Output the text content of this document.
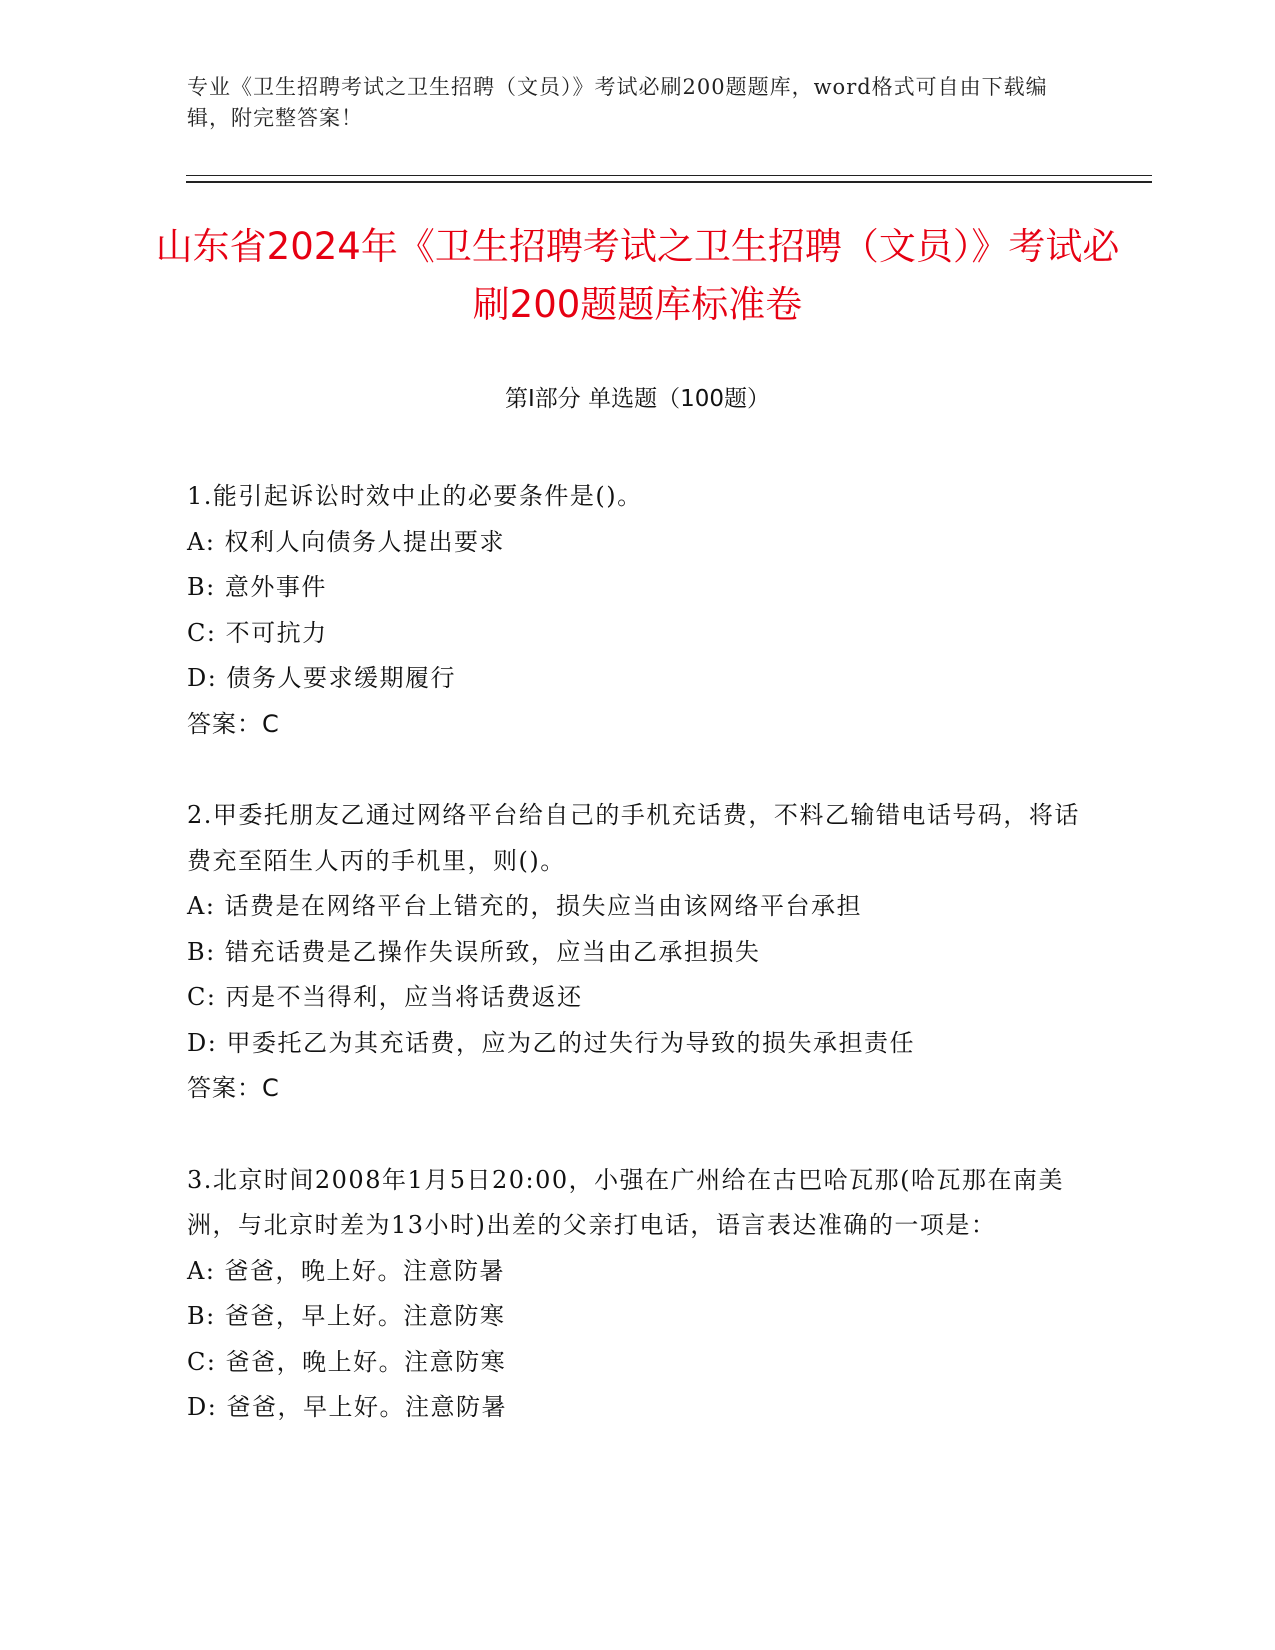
专业《卫生招聘考试之卫生招聘（文员）》考试必刷200题题库，word格式可自由下载编辑，附完整答案！
山东省2024年《卫生招聘考试之卫生招聘（文员）》考试必刷200题题库标准卷
第Ⅰ部分 单选题（100题）

1.能引起诉讼时效中止的必要条件是()。

A: 权利人向债务人提出要求

B: 意外事件

C: 不可抗力

D: 债务人要求缓期履行

答案：C

2.甲委托朋友乙通过网络平台给自己的手机充话费，不料乙输错电话号码，将话费充至陌生人丙的手机里，则()。

A: 话费是在网络平台上错充的，损失应当由该网络平台承担

B: 错充话费是乙操作失误所致，应当由乙承担损失

C: 丙是不当得利，应当将话费返还

D: 甲委托乙为其充话费，应为乙的过失行为导致的损失承担责任

答案：C

3.北京时间2008年1月5日20:00，小强在广州给在古巴哈瓦那(哈瓦那在南美洲，与北京时差为13小时)出差的父亲打电话，语言表达准确的一项是：

A: 爸爸，晚上好。注意防暑

B: 爸爸，早上好。注意防寒

C: 爸爸，晚上好。注意防寒

D: 爸爸，早上好。注意防暑
